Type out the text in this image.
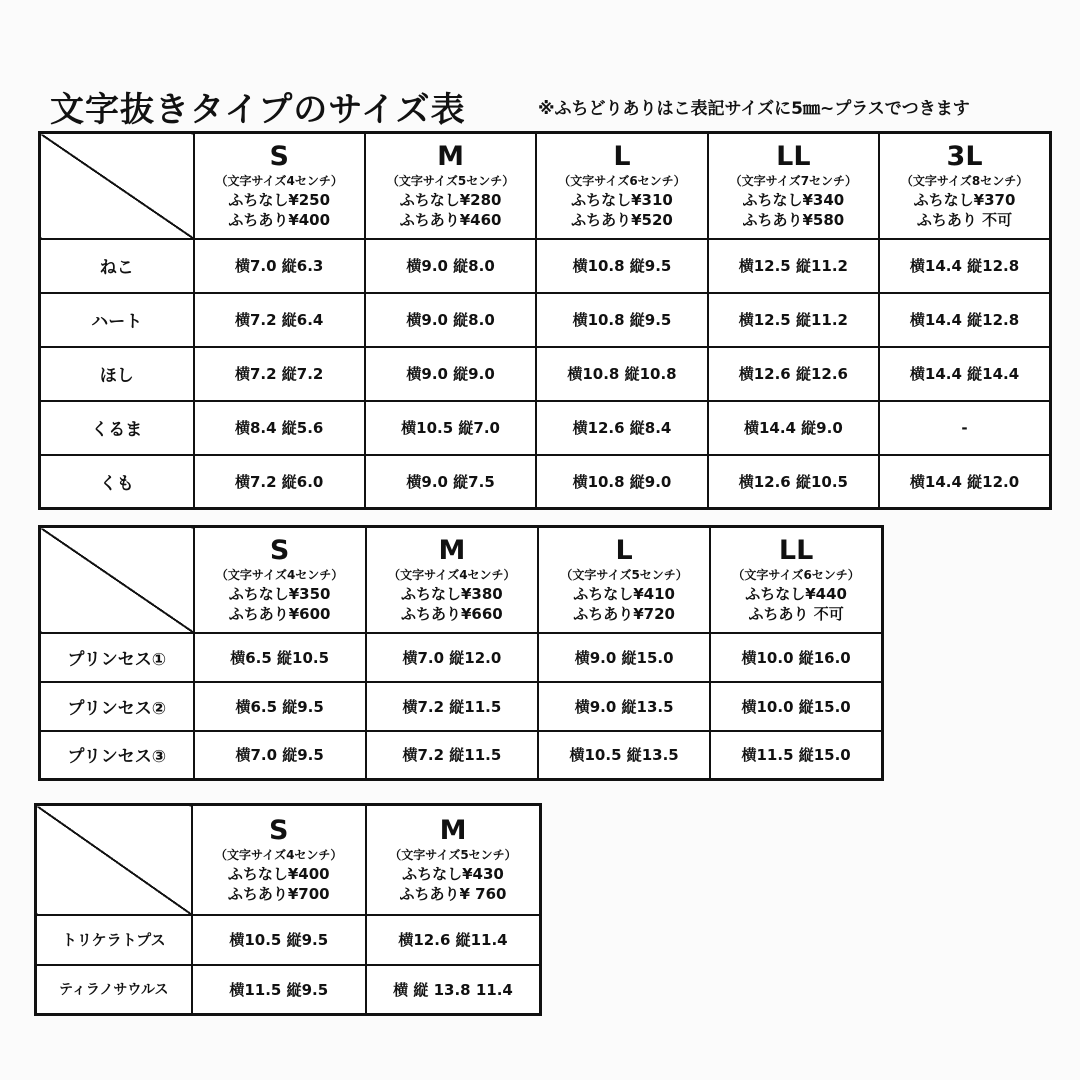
文字抜きタイプのサイズ表	※ふちどりありはこ表記サイズに5㎜~プラスでつきます

	S
（文字サイズ4センチ）
ふちなし¥250
ふちあり¥400	M
（文字サイズ5センチ）
ふちなし¥280
ふちあり¥460	L
（文字サイズ6センチ）
ふちなし¥310
ふちあり¥520	LL
（文字サイズ7センチ）
ふちなし¥340
ふちあり¥580	3L
（文字サイズ8センチ）
ふちなし¥370
ふちあり 不可

ねこ	横7.0 縦6.3	横9.0 縦8.0	横10.8 縦9.5	横12.5 縦11.2	横14.4 縦12.8
ハート	横7.2 縦6.4	横9.0 縦8.0	横10.8 縦9.5	横12.5 縦11.2	横14.4 縦12.8
ほし	横7.2 縦7.2	横9.0 縦9.0	横10.8 縦10.8	横12.6 縦12.6	横14.4 縦14.4
くるま	横8.4 縦5.6	横10.5 縦7.0	横12.6 縦8.4	横14.4 縦9.0	-
くも	横7.2 縦6.0	横9.0 縦7.5	横10.8 縦9.0	横12.6 縦10.5	横14.4 縦12.0

	S
（文字サイズ4センチ）
ふちなし¥350
ふちあり¥600	M
（文字サイズ4センチ）
ふちなし¥380
ふちあり¥660	L
（文字サイズ5センチ）
ふちなし¥410
ふちあり¥720	LL
（文字サイズ6センチ）
ふちなし¥440
ふちあり 不可

プリンセス①	横6.5 縦10.5	横7.0 縦12.0	横9.0 縦15.0	横10.0 縦16.0
プリンセス②	横6.5 縦9.5	横7.2 縦11.5	横9.0 縦13.5	横10.0 縦15.0
プリンセス③	横7.0 縦9.5	横7.2 縦11.5	横10.5 縦13.5	横11.5 縦15.0

	S
（文字サイズ4センチ）
ふちなし¥400
ふちあり¥700	M
（文字サイズ5センチ）
ふちなし¥430
ふちあり¥ 760

トリケラトプス	横10.5 縦9.5	横12.6 縦11.4
ティラノサウルス	横11.5 縦9.5	横 縦 13.8 11.4
